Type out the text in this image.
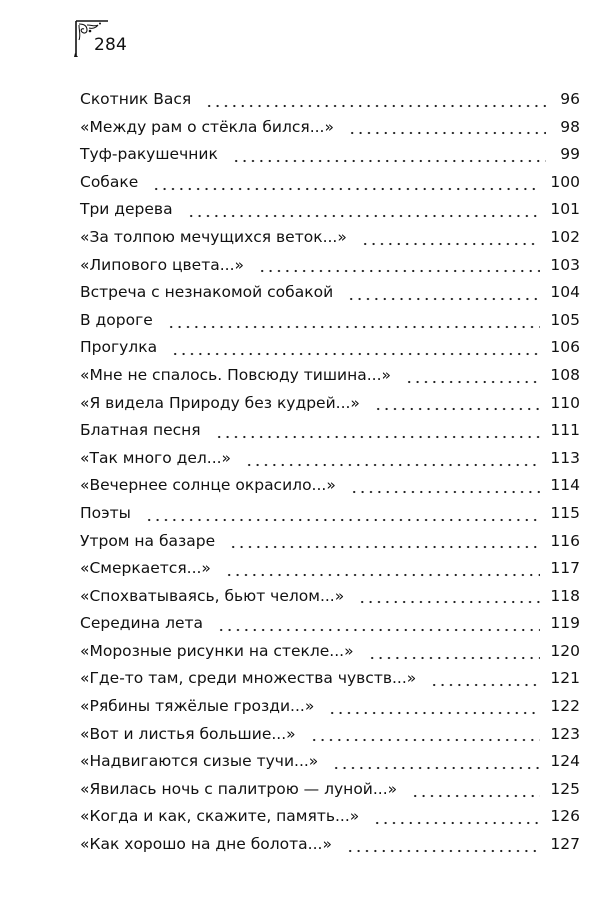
284
Скотник Вася	96
«Между рам о стёкла бился...»	98
Туф-ракушечник	99
Собаке	100
Три дерева	101
«За толпою мечущихся веток...»	102
«Липового цвета...»	103
Встреча с незнакомой собакой	104
В дороге	105
Прогулка	106
«Мне не спалось. Повсюду тишина...»	108
«Я видела Природу без кудрей...»	110
Блатная песня	111
«Так много дел...»	113
«Вечернее солнце окрасило...»	114
Поэты	115
Утром на базаре	116
«Смеркается...»	117
«Спохватываясь, бьют челом...»	118
Середина лета	119
«Морозные рисунки на стекле...»	120
«Где-то там, среди множества чувств...»	121
«Рябины тяжёлые грозди...»	122
«Вот и листья большие...»	123
«Надвигаются сизые тучи...»	124
«Явилась ночь с палитрою — луной...»	125
«Когда и как, скажите, память...»	126
«Как хорошо на дне болота...»	127
